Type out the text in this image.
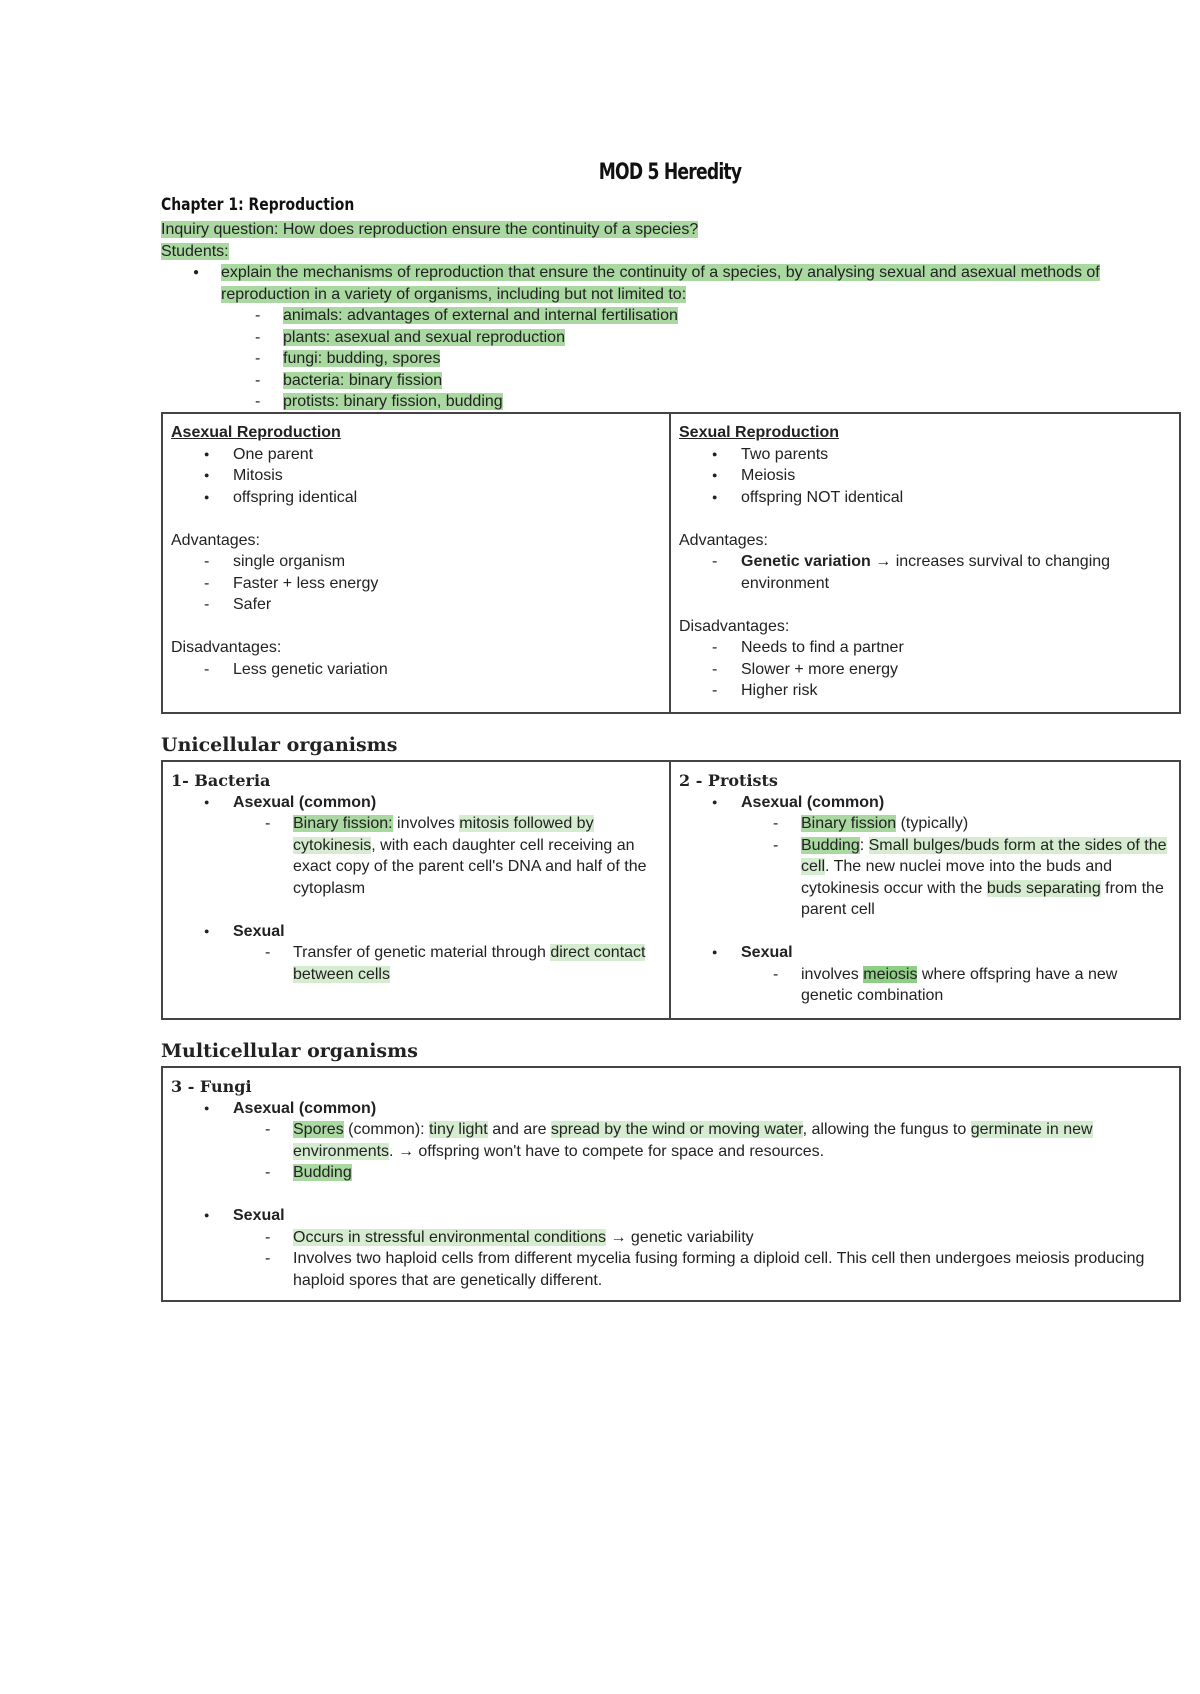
MOD 5 Heredity
Chapter 1: Reproduction

Inquiry question: How does reproduction ensure the continuity of a species?

Students:

● explain the mechanisms of reproduction that ensure the continuity of a species, by analysing sexual and asexual methods of reproduction in a variety of organisms, including but not limited to:
- animals: advantages of external and internal fertilisation
- plants: asexual and sexual reproduction
- fungi: budding, spores
- bacteria: binary fission
- protists: binary fission, budding
Asexual Reproduction
● One parent
● Mitosis
● offspring identical
Advantages:
- single organism
- Faster + less energy
- Safer
Disadvantages:
- Less genetic variation
Sexual Reproduction
● Two parents
● Meiosis
● offspring NOT identical
Advantages:
- Genetic variation → increases survival to changing environment
Disadvantages:
- Needs to find a partner
- Slower + more energy
- Higher risk
Unicellular organisms
1- Bacteria
● Asexual (common)
- Binary fission: involves mitosis followed by cytokinesis, with each daughter cell receiving an exact copy of the parent cell's DNA and half of the cytoplasm
● Sexual
- Transfer of genetic material through direct contact between cells
2 - Protists
● Asexual (common)
- Binary fission (typically)
- Budding: Small bulges/buds form at the sides of the cell. The new nuclei move into the buds and cytokinesis occur with the buds separating from the parent cell
● Sexual
- involves meiosis where offspring have a new genetic combination
Multicellular organisms
3 - Fungi
● Asexual (common)
- Spores (common): tiny light and are spread by the wind or moving water, allowing the fungus to germinate in new environments. → offspring won't have to compete for space and resources.
- Budding
● Sexual
- Occurs in stressful environmental conditions → genetic variability
- Involves two haploid cells from different mycelia fusing forming a diploid cell. This cell then undergoes meiosis producing haploid spores that are genetically different.
